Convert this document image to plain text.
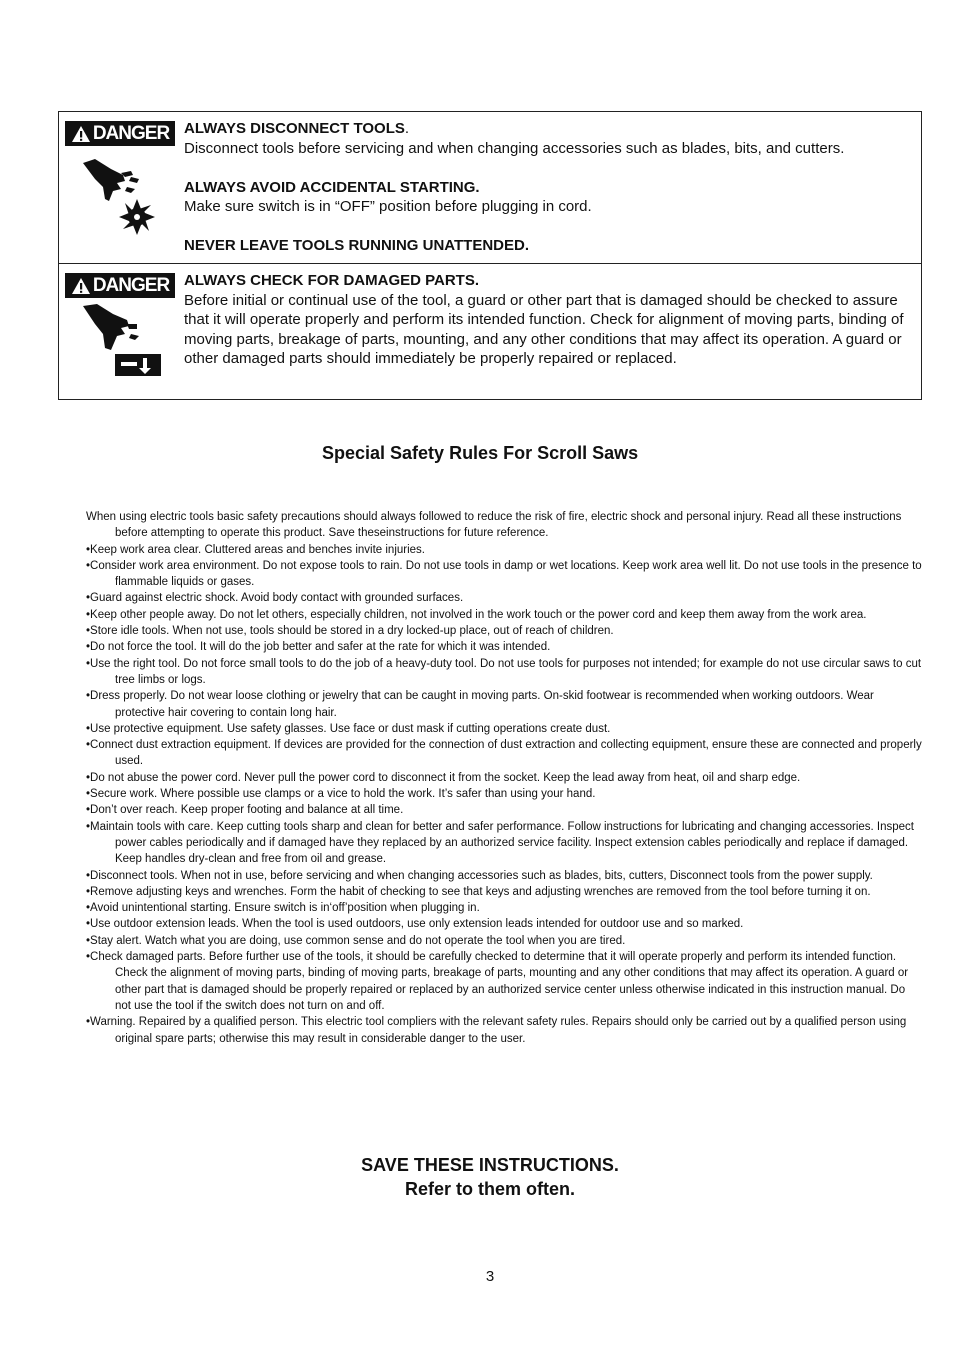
DANGER ALWAYS DISCONNECT TOOLS.

Disconnect tools before servicing and when changing accessories such as blades, bits, and cutters.

ALWAYS AVOID ACCIDENTAL STARTING.

Make sure switch is in “OFF” position before plugging in cord.

NEVER LEAVE TOOLS RUNNING UNATTENDED.

DANGER ALWAYS CHECK FOR DAMAGED PARTS.

Before initial or continual use of the tool, a guard or other part that is damaged should be checked to assure that it will operate properly and perform its intended function. Check for alignment of moving parts, binding of moving parts, breakage of parts, mounting, and any other conditions that may affect its operation. A guard or other damaged parts should immediately be properly repaired or replaced.

Special Safety Rules For Scroll Saws
When using electric tools basic safety precautions should always followed to reduce the risk of fire, electric shock and personal injury. Read all these instructions before attempting to operate this product. Save theseinstructions for future reference.
•Keep work area clear. Cluttered areas and benches invite injuries.
•Consider work area environment. Do not expose tools to rain. Do not use tools in damp or wet locations. Keep work area well lit. Do not use tools in the presence to flammable liquids or gases.
•Guard against electric shock. Avoid body contact with grounded surfaces.
•Keep other people away. Do not let others, especially children, not involved in the work touch or the power cord and keep them away from the work area.
•Store idle tools. When not use, tools should be stored in a dry locked-up place, out of reach of children.
•Do not force the tool. It will do the job better and safer at the rate for which it was intended.
•Use the right tool. Do not force small tools to do the job of a heavy-duty tool. Do not use tools for purposes not intended; for example do not use circular saws to cut tree limbs or logs.
•Dress properly. Do not wear loose clothing or jewelry that can be caught in moving parts. On-skid footwear is recommended when working outdoors. Wear protective hair covering to contain long hair.
•Use protective equipment. Use safety glasses. Use face or dust mask if cutting operations create dust.
•Connect dust extraction equipment. If devices are provided for the connection of dust extraction and collecting equipment, ensure these are connected and properly used.
•Do not abuse the power cord. Never pull the power cord to disconnect it from the socket. Keep the lead away from heat, oil and sharp edge.
•Secure work. Where possible use clamps or a vice to hold the work. It’s safer than using your hand.
•Don’t over reach. Keep proper footing and balance at all time.
•Maintain tools with care. Keep cutting tools sharp and clean for better and safer performance. Follow instructions for lubricating and changing accessories. Inspect power cables periodically and if damaged have they replaced by an authorized service facility. Inspect extension cables periodically and replace if damaged. Keep handles dry-clean and free from oil and grease.
•Disconnect tools. When not in use, before servicing and when changing accessories such as blades, bits, cutters, Disconnect tools from the power supply.
•Remove adjusting keys and wrenches. Form the habit of checking to see that keys and adjusting wrenches are removed from the tool before turning it on.
•Avoid unintentional starting. Ensure switch is in‘off’position when plugging in.
•Use outdoor extension leads. When the tool is used outdoors, use only extension leads intended for outdoor use and so marked.
•Stay alert. Watch what you are doing, use common sense and do not operate the tool when you are tired.
•Check damaged parts. Before further use of the tools, it should be carefully checked to determine that it will operate properly and perform its intended function. Check the alignment of moving parts, binding of moving parts, breakage of parts, mounting and any other conditions that may affect its operation. A guard or other part that is damaged should be properly repaired or replaced by an authorized service center unless otherwise indicated in this instruction manual. Do not use the tool if the switch does not turn on and off.
•Warning. Repaired by a qualified person. This electric tool compliers with the relevant safety rules. Repairs should only be carried out by a qualified person using original spare parts; otherwise this may result in considerable danger to the user.
SAVE THESE INSTRUCTIONS.
Refer to them often.
3
